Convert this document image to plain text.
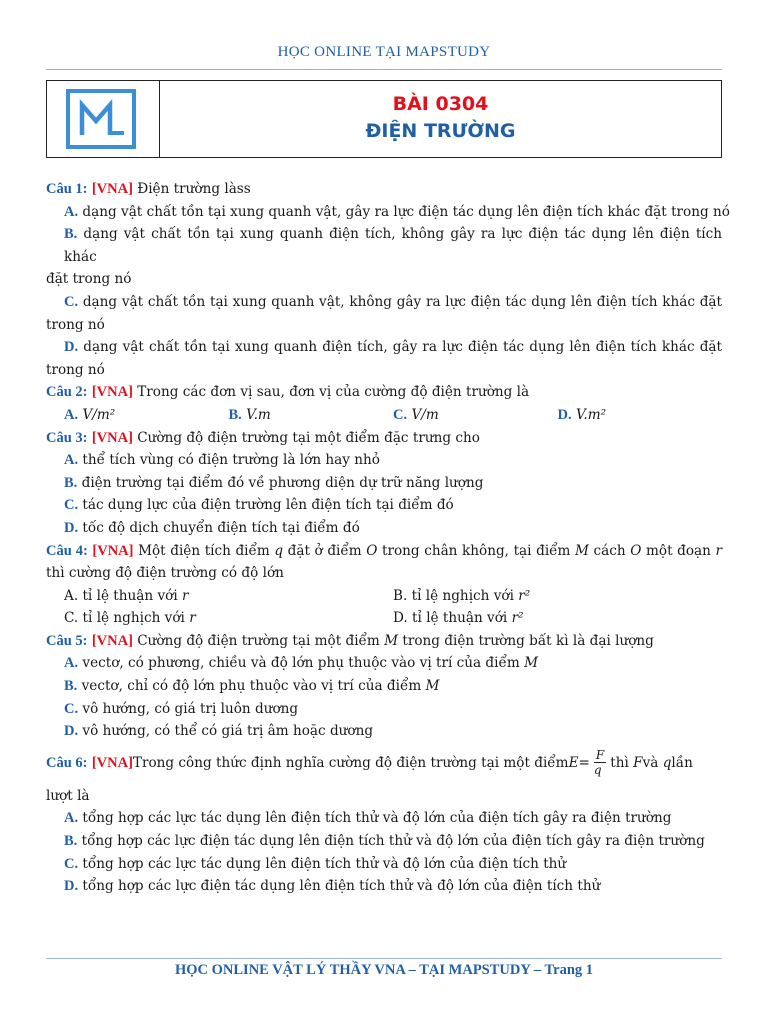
HỌC ONLINE TẠI MAPSTUDY
BÀI 0304
ĐIỆN TRƯỜNG
Câu 1: [VNA] Điện trường làss
A. dạng vật chất tồn tại xung quanh vật, gây ra lực điện tác dụng lên điện tích khác đặt trong nó
B. dạng vật chất tồn tại xung quanh điện tích, không gây ra lực điện tác dụng lên điện tích khác
đặt trong nó
C. dạng vật chất tồn tại xung quanh vật, không gây ra lực điện tác dụng lên điện tích khác đặt
trong nó
D. dạng vật chất tồn tại xung quanh điện tích, gây ra lực điện tác dụng lên điện tích khác đặt
trong nó
Câu 2: [VNA] Trong các đơn vị sau, đơn vị của cường độ điện trường là
A. V/m²	B. V.m	C. V/m	D. V.m²
Câu 3: [VNA] Cường độ điện trường tại một điểm đặc trưng cho
A. thể tích vùng có điện trường là lớn hay nhỏ
B. điện trường tại điểm đó về phương diện dự trữ năng lượng
C. tác dụng lực của điện trường lên điện tích tại điểm đó
D. tốc độ dịch chuyển điện tích tại điểm đó
Câu 4: [VNA] Một điện tích điểm q đặt ở điểm O trong chân không, tại điểm M cách O một đoạn r
thì cường độ điện trường có độ lớn
A. tỉ lệ thuận với r	B. tỉ lệ nghịch với r²
C. tỉ lệ nghịch với r	D. tỉ lệ thuận với r²
Câu 5: [VNA] Cường độ điện trường tại một điểm M trong điện trường bất kì là đại lượng
A. vectơ, có phương, chiều và độ lớn phụ thuộc vào vị trí của điểm M
B. vectơ, chỉ có độ lớn phụ thuộc vào vị trí của điểm M
C. vô hướng, có giá trị luôn dương
D. vô hướng, có thể có giá trị âm hoặc dương
Câu 6:
[VNA] Trong công thức định nghĩa cường độ điện trường tại một điểm $E = \frac{F}{q}$ thì
F và
q lần
lượt là
A. tổng hợp các lực tác dụng lên điện tích thử và độ lớn của điện tích gây ra điện trường
B. tổng hợp các lực điện tác dụng lên điện tích thử và độ lớn của điện tích gây ra điện trường
C. tổng hợp các lực tác dụng lên điện tích thử và độ lớn của điện tích thử
D. tổng hợp các lực điện tác dụng lên điện tích thử và độ lớn của điện tích thử
HỌC ONLINE VẬT LÝ THẦY VNA – TẠI MAPSTUDY – Trang 1
